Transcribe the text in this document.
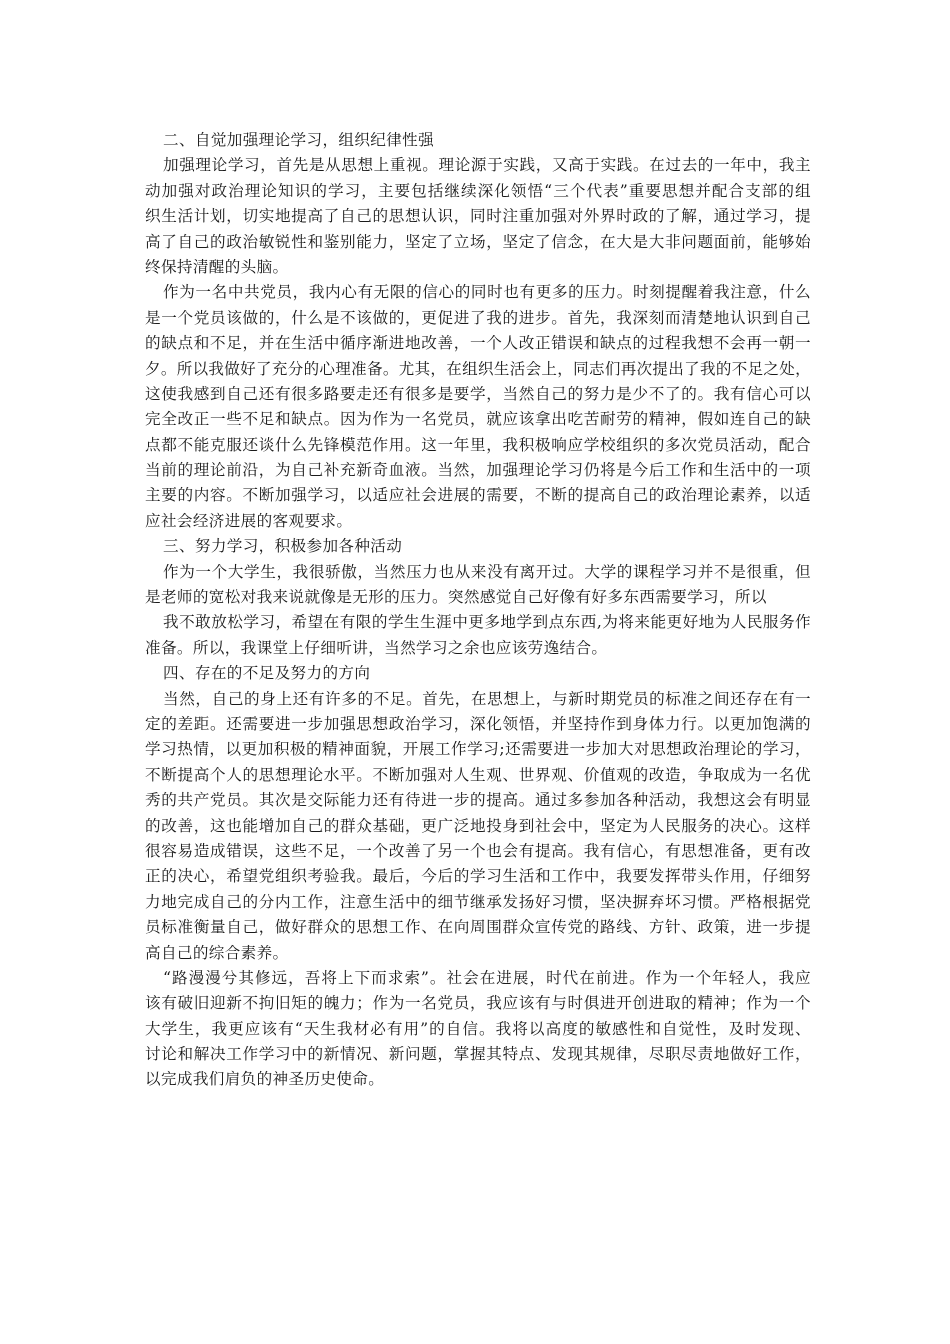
二、自觉加强理论学习，组织纪律性强
加强理论学习，首先是从思想上重视。理论源于实践，又高于实践。在过去的一年中，我主
动加强对政治理论知识的学习，主要包括继续深化领悟“三个代表”重要思想并配合支部的组
织生活计划，切实地提高了自己的思想认识，同时注重加强对外界时政的了解，通过学习，提
高了自己的政治敏锐性和鉴别能力，坚定了立场，坚定了信念，在大是大非问题面前，能够始
终保持清醒的头脑。
作为一名中共党员，我内心有无限的信心的同时也有更多的压力。时刻提醒着我注意，什么
是一个党员该做的，什么是不该做的，更促进了我的进步。首先，我深刻而清楚地认识到自己
的缺点和不足，并在生活中循序渐进地改善，一个人改正错误和缺点的过程我想不会再一朝一
夕。所以我做好了充分的心理准备。尤其，在组织生活会上，同志们再次提出了我的不足之处，
这使我感到自己还有很多路要走还有很多是要学，当然自己的努力是少不了的。我有信心可以
完全改正一些不足和缺点。因为作为一名党员，就应该拿出吃苦耐劳的精神，假如连自己的缺
点都不能克服还谈什么先锋模范作用。这一年里，我积极响应学校组织的多次党员活动，配合
当前的理论前沿，为自己补充新奇血液。当然，加强理论学习仍将是今后工作和生活中的一项
主要的内容。不断加强学习，以适应社会进展的需要，不断的提高自己的政治理论素养，以适
应社会经济进展的客观要求。
三、努力学习，积极参加各种活动
作为一个大学生，我很骄傲，当然压力也从来没有离开过。大学的课程学习并不是很重，但
是老师的宽松对我来说就像是无形的压力。突然感觉自己好像有好多东西需要学习，所以
我不敢放松学习，希望在有限的学生生涯中更多地学到点东西,为将来能更好地为人民服务作
准备。所以，我课堂上仔细听讲，当然学习之余也应该劳逸结合。
四、存在的不足及努力的方向
当然，自己的身上还有许多的不足。首先，在思想上，与新时期党员的标准之间还存在有一
定的差距。还需要进一步加强思想政治学习，深化领悟，并坚持作到身体力行。以更加饱满的
学习热情，以更加积极的精神面貌，开展工作学习;还需要进一步加大对思想政治理论的学习，
不断提高个人的思想理论水平。不断加强对人生观、世界观、价值观的改造，争取成为一名优
秀的共产党员。其次是交际能力还有待进一步的提高。通过多参加各种活动，我想这会有明显
的改善，这也能增加自己的群众基础，更广泛地投身到社会中，坚定为人民服务的决心。这样
很容易造成错误，这些不足，一个改善了另一个也会有提高。我有信心，有思想准备，更有改
正的决心，希望党组织考验我。最后，今后的学习生活和工作中，我要发挥带头作用，仔细努
力地完成自己的分内工作，注意生活中的细节继承发扬好习惯，坚决摒弃坏习惯。严格根据党
员标准衡量自己，做好群众的思想工作、在向周围群众宣传党的路线、方针、政策，进一步提
高自己的综合素养。
“路漫漫兮其修远，吾将上下而求索”。社会在进展，时代在前进。作为一个年轻人，我应
该有破旧迎新不拘旧矩的魄力；作为一名党员，我应该有与时俱进开创进取的精神；作为一个
大学生，我更应该有“天生我材必有用”的自信。我将以高度的敏感性和自觉性，及时发现、
讨论和解决工作学习中的新情况、新问题，掌握其特点、发现其规律，尽职尽责地做好工作，
以完成我们肩负的神圣历史使命。
